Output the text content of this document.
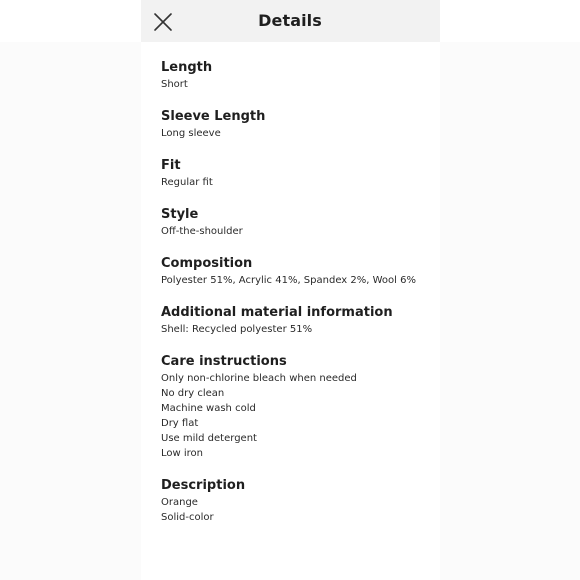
Details
Length
Short
Sleeve Length
Long sleeve
Fit
Regular fit
Style
Off-the-shoulder
Composition
Polyester 51%, Acrylic 41%, Spandex 2%, Wool 6%
Additional material information
Shell: Recycled polyester 51%
Care instructions
Only non-chlorine bleach when needed
No dry clean
Machine wash cold
Dry flat
Use mild detergent
Low iron
Description
Orange
Solid-color
